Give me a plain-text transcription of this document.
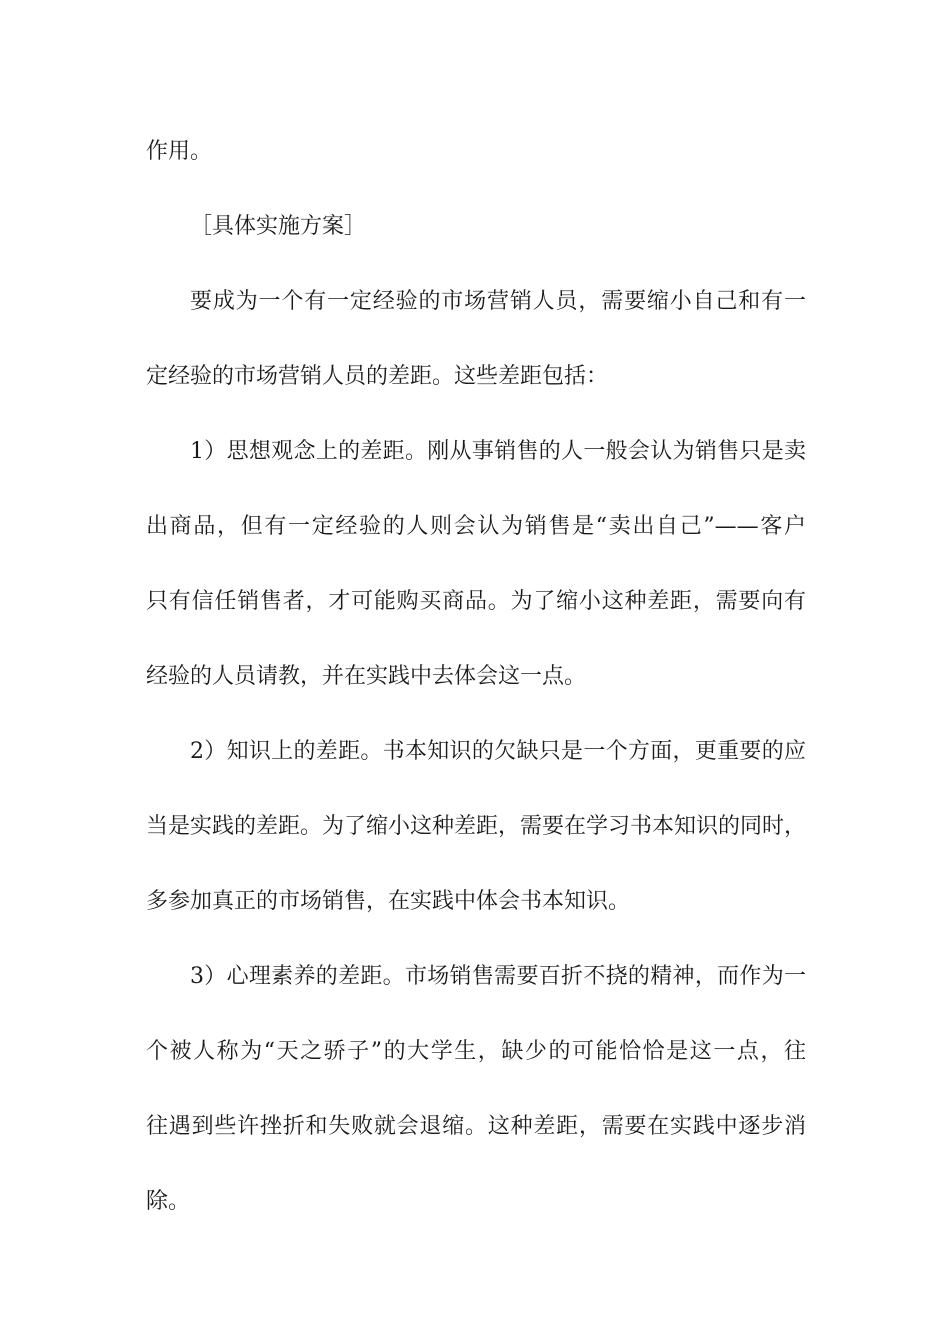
作用。
［具体实施方案］
要成为一个有一定经验的市场营销人员，需要缩小自己和有一
定经验的市场营销人员的差距。这些差距包括：
1）思想观念上的差距。刚从事销售的人一般会认为销售只是卖
出商品，但有一定经验的人则会认为销售是“卖出自己”——客户
只有信任销售者，才可能购买商品。为了缩小这种差距，需要向有
经验的人员请教，并在实践中去体会这一点。
2）知识上的差距。书本知识的欠缺只是一个方面，更重要的应
当是实践的差距。为了缩小这种差距，需要在学习书本知识的同时，
多参加真正的市场销售，在实践中体会书本知识。
3）心理素养的差距。市场销售需要百折不挠的精神，而作为一
个被人称为“天之骄子”的大学生，缺少的可能恰恰是这一点，往
往遇到些许挫折和失败就会退缩。这种差距，需要在实践中逐步消
除。
